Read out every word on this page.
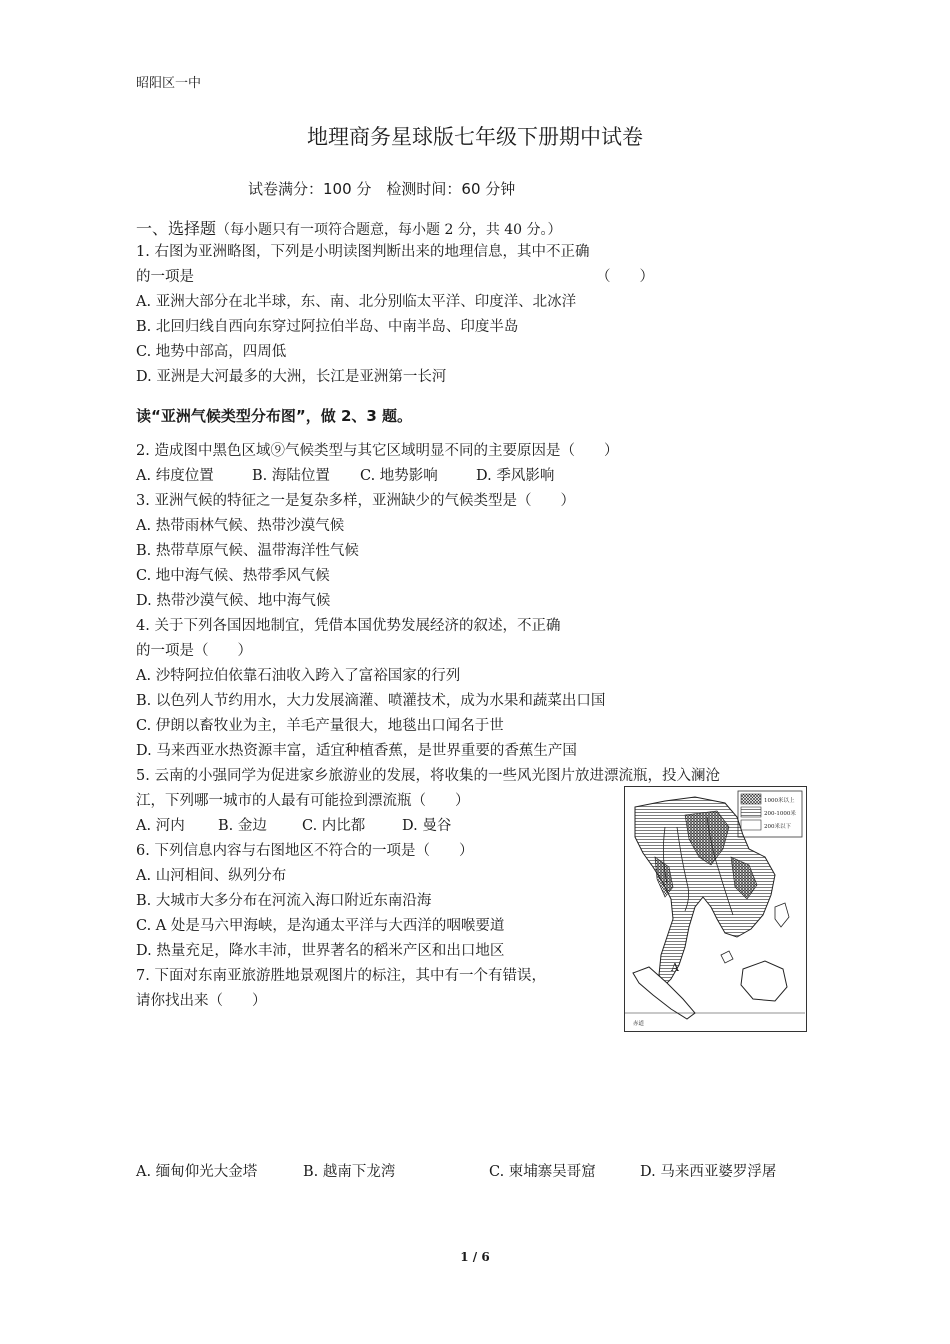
昭阳区一中
地理商务星球版七年级下册期中试卷
试卷满分：100 分　检测时间：60 分钟
一、选择题（每小题只有一项符合题意，每小题 2 分，共 40 分。）
1. 右图为亚洲略图，下列是小明读图判断出来的地理信息，其中不正确
的一项是	（　　）
A. 亚洲大部分在北半球，东、南、北分别临太平洋、印度洋、北冰洋
B. 北回归线自西向东穿过阿拉伯半岛、中南半岛、印度半岛
C. 地势中部高，四周低
D. 亚洲是大河最多的大洲，长江是亚洲第一长河
读“亚洲气候类型分布图”，做 2、3 题。
2. 造成图中黑色区域⑨气候类型与其它区域明显不同的主要原因是（　　）
A. 纬度位置	B. 海陆位置 C. 地势影响	D. 季风影响
3. 亚洲气候的特征之一是复杂多样，亚洲缺少的气候类型是（　　）
A. 热带雨林气候、热带沙漠气候
B. 热带草原气候、温带海洋性气候
C. 地中海气候、热带季风气候
D. 热带沙漠气候、地中海气候
4. 关于下列各国因地制宜，凭借本国优势发展经济的叙述，不正确
的一项是（　　）
A. 沙特阿拉伯依靠石油收入跨入了富裕国家的行列
B. 以色列人节约用水，大力发展滴灌、喷灌技术，成为水果和蔬菜出口国
C. 伊朗以畜牧业为主，羊毛产量很大，地毯出口闻名于世
D. 马来西亚水热资源丰富，适宜种植香蕉，是世界重要的香蕉生产国
5. 云南的小强同学为促进家乡旅游业的发展，将收集的一些风光图片放进漂流瓶，投入澜沧
江，下列哪一城市的人最有可能捡到漂流瓶（　　）
A. 河内 B. 金边 C. 内比都	D. 曼谷
6. 下列信息内容与右图地区不符合的一项是（　　）
A. 山河相间、纵列分布
B. 大城市大多分布在河流入海口附近东南沿海
C. A 处是马六甲海峡，是沟通太平洋与大西洋的咽喉要道
D. 热量充足，降水丰沛，世界著名的稻米产区和出口地区
7. 下面对东南亚旅游胜地景观图片的标注，其中有一个有错误，
请你找出来（　　）
1000米以上
200-1000米
200米以下
A
赤道
A. 缅甸仰光大金塔	B. 越南下龙湾	C. 柬埔寨吴哥窟	D. 马来西亚婆罗浮屠
1 / 6
